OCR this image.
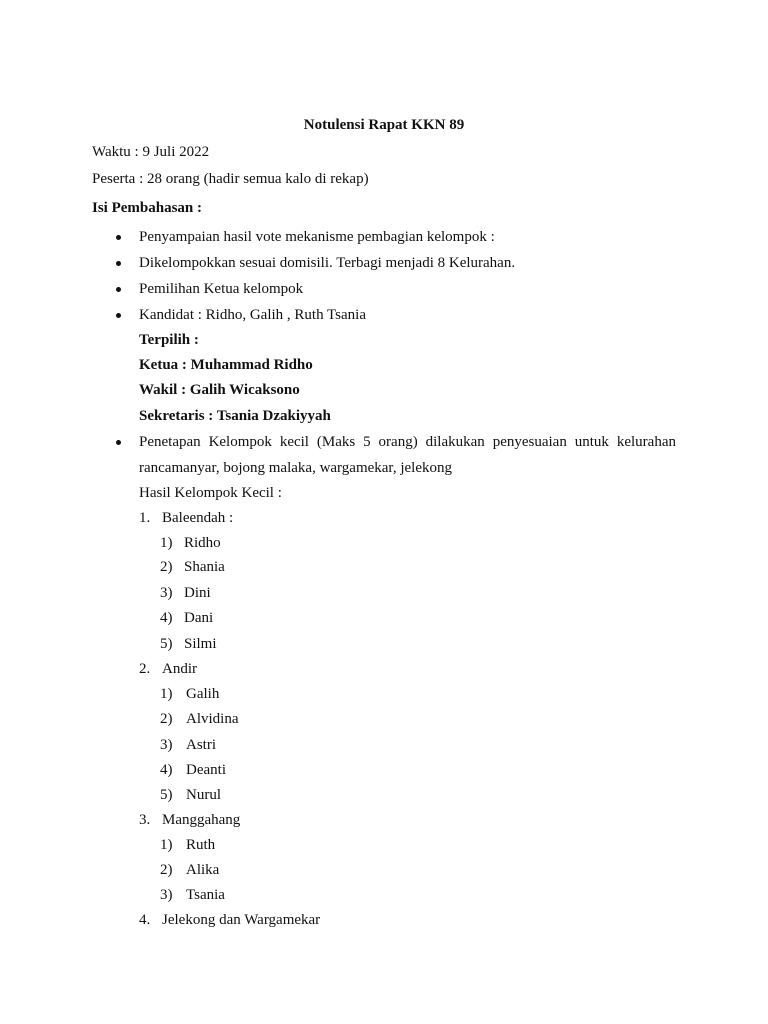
Notulensi Rapat KKN 89
Waktu : 9 Juli 2022
Peserta : 28 orang (hadir semua kalo di rekap)
Isi Pembahasan :
Penyampaian hasil vote mekanisme pembagian kelompok :
Dikelompokkan sesuai domisili. Terbagi menjadi 8 Kelurahan.
Pemilihan Ketua kelompok
Kandidat : Ridho, Galih , Ruth Tsania
Terpilih :
Ketua : Muhammad Ridho
Wakil : Galih Wicaksono
Sekretaris : Tsania Dzakiyyah
Penetapan Kelompok kecil (Maks 5 orang) dilakukan penyesuaian untuk kelurahan
rancamanyar, bojong malaka, wargamekar, jelekong
Hasil Kelompok Kecil :
1. Baleendah :
1) Ridho
2) Shania
3) Dini
4) Dani
5) Silmi
2. Andir
1) Galih
2) Alvidina
3) Astri
4) Deanti
5) Nurul
3. Manggahang
1) Ruth
2) Alika
3) Tsania
4. Jelekong dan Wargamekar
